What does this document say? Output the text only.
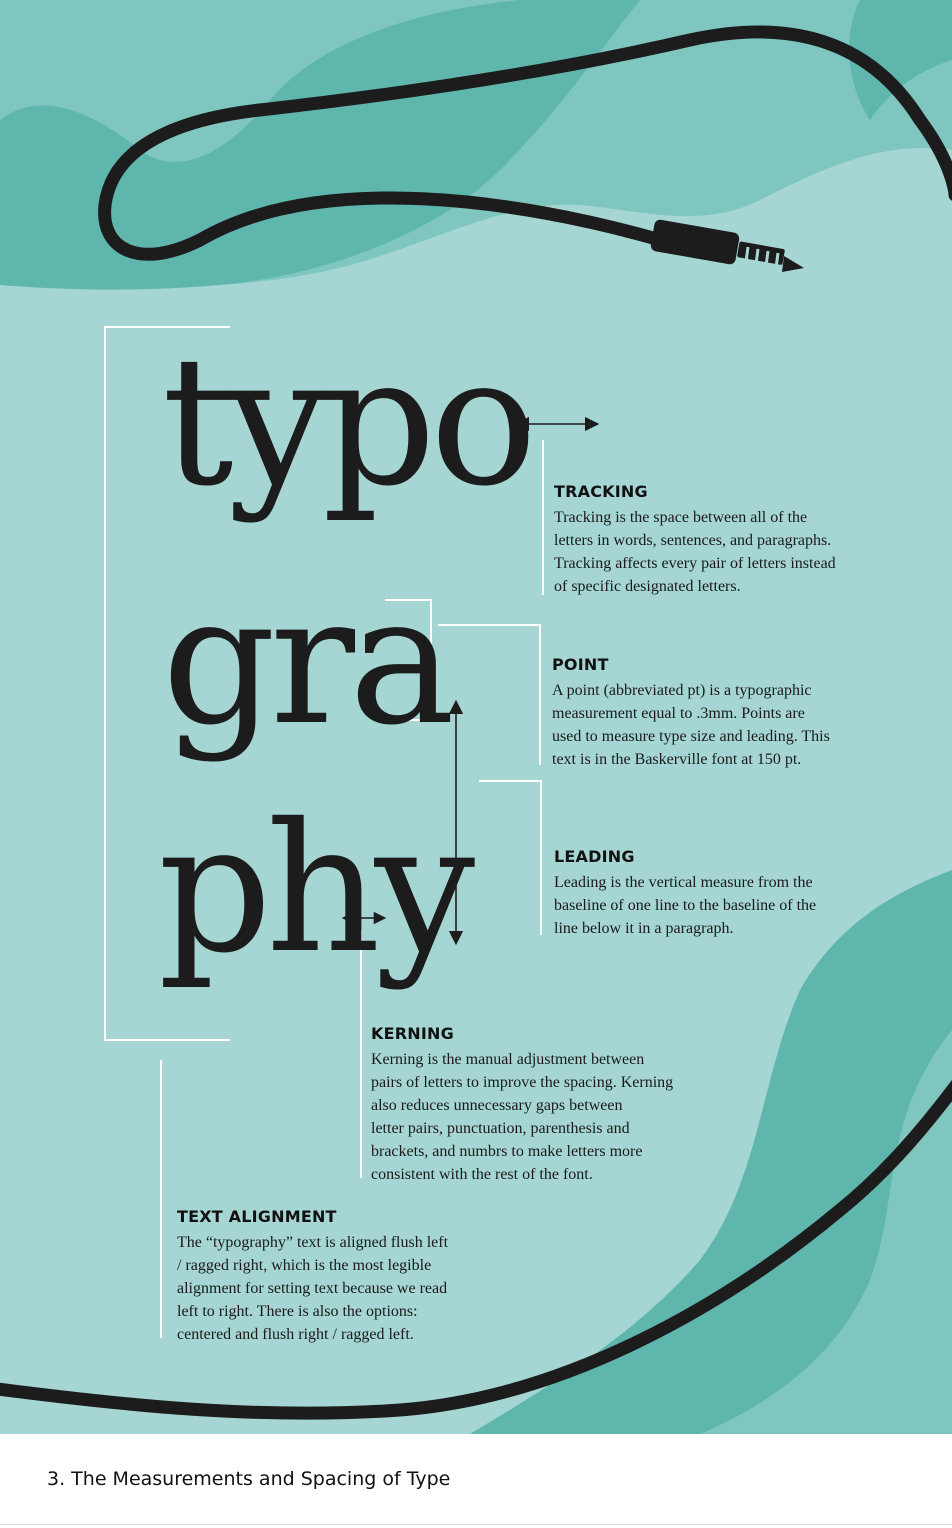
typo
gra
phy

TRACKING

Tracking is the space between all of the

letters in words, sentences, and paragraphs.

Tracking affects every pair of letters instead

of specific designated letters.

POINT

A point (abbreviated pt) is a typographic

measurement equal to .3mm. Points are

used to measure type size and leading. This

text is in the Baskerville font at 150 pt.

LEADING

Leading is the vertical measure from the

baseline of one line to the baseline of the

line below it in a paragraph.

KERNING

Kerning is the manual adjustment between

pairs of letters to improve the spacing. Kerning

also reduces unnecessary gaps between

letter pairs, punctuation, parenthesis and

brackets, and numbrs to make letters more

consistent with the rest of the font.

TEXT ALIGNMENT

The “typography” text is aligned flush left

/ ragged right, which is the most legible

alignment for setting text because we read

left to right. There is also the options:

centered and flush right / ragged left.

3. The Measurements and Spacing of Type
